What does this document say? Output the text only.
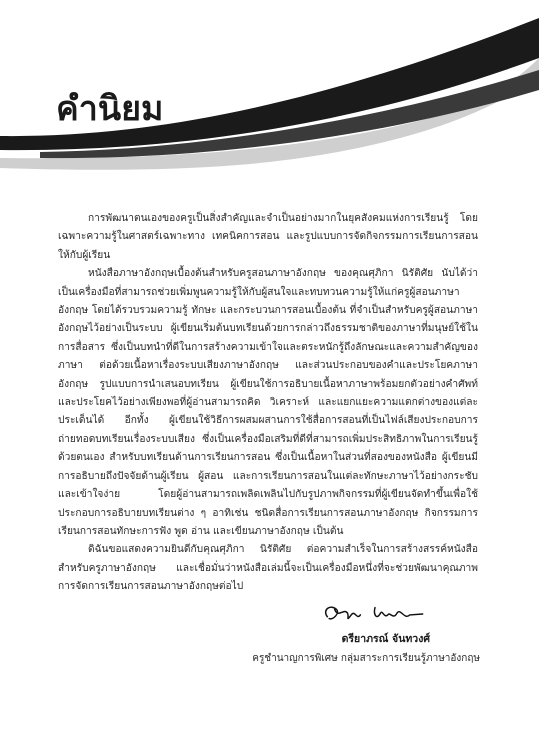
คำนิยม

การพัฒนาตนเองของครูเป็นสิ่งสำคัญและจำเป็นอย่างมากในยุคสังคมแห่งการเรียนรู้ โดยเฉพาะความรู้ในศาสตร์เฉพาะทาง เทคนิคการสอน และรูปแบบการจัดกิจกรรมการเรียนการสอนให้กับผู้เรียน

หนังสือภาษาอังกฤษเบื้องต้นสำหรับครูสอนภาษาอังกฤษ ของคุณศุภิกา นิรัติศัย นับได้ว่าเป็นเครื่องมือที่สามารถช่วยเพิ่มพูนความรู้ให้กับผู้สนใจและทบทวนความรู้ให้แก่ครูผู้สอนภาษาอังกฤษ โดยได้รวบรวมความรู้ ทักษะ และกระบวนการสอนเบื้องต้น ที่จำเป็นสำหรับครูผู้สอนภาษาอังกฤษไว้อย่างเป็นระบบ ผู้เขียนเริ่มต้นบทเรียนด้วยการกล่าวถึงธรรมชาติของภาษาที่มนุษย์ใช้ในการสื่อสาร ซึ่งเป็นบทนำที่ดีในการสร้างความเข้าใจและตระหนักรู้ถึงลักษณะและความสำคัญของภาษา ต่อด้วยเนื้อหาเรื่องระบบเสียงภาษาอังกฤษ และส่วนประกอบของคำและประโยคภาษาอังกฤษ รูปแบบการนำเสนอบทเรียน ผู้เขียนใช้การอธิบายเนื้อหาภาษาพร้อมยกตัวอย่างคำศัพท์และประโยคไว้อย่างเพียงพอที่ผู้อ่านสามารถคิด วิเคราะห์ และแยกแยะความแตกต่างของแต่ละประเด็นได้ อีกทั้ง ผู้เขียนใช้วิธีการผสมผสานการใช้สื่อการสอนที่เป็นไฟล์เสียงประกอบการถ่ายทอดบทเรียนเรื่องระบบเสียง ซึ่งเป็นเครื่องมือเสริมที่ดีที่สามารถเพิ่มประสิทธิภาพในการเรียนรู้ด้วยตนเอง สำหรับบทเรียนด้านการเรียนการสอน ซึ่งเป็นเนื้อหาในส่วนที่สองของหนังสือ ผู้เขียนมีการอธิบายถึงปัจจัยด้านผู้เรียน ผู้สอน และการเรียนการสอนในแต่ละทักษะภาษาไว้อย่างกระชับและเข้าใจง่าย โดยผู้อ่านสามารถเพลิดเพลินไปกับรูปภาพกิจกรรมที่ผู้เขียนจัดทำขึ้นเพื่อใช้ประกอบการอธิบายบทเรียนต่าง ๆ อาทิเช่น ชนิดสื่อการเรียนการสอนภาษาอังกฤษ กิจกรรมการเรียนการสอนทักษะการฟัง พูด อ่าน และเขียนภาษาอังกฤษ เป็นต้น

ดิฉันขอแสดงความยินดีกับคุณศุภิกา นิรัติศัย ต่อความสำเร็จในการสร้างสรรค์หนังสือสำหรับครูภาษาอังกฤษ และเชื่อมั่นว่าหนังสือเล่มนี้จะเป็นเครื่องมือหนึ่งที่จะช่วยพัฒนาคุณภาพการจัดการเรียนการสอนภาษาอังกฤษต่อไป

ดรียาภรณ์ จันทวงศ์
ครูชำนาญการพิเศษ กลุ่มสาระการเรียนรู้ภาษาอังกฤษ
